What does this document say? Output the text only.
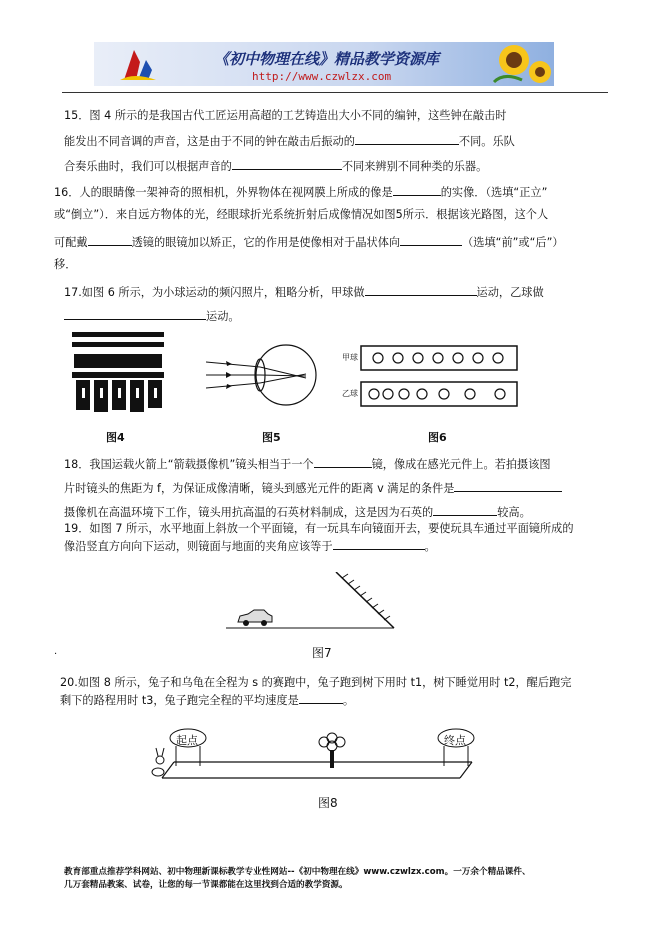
《初中物理在线》精品教学资源库
http://www.czwlzx.com
15．图 4 所示的是我国古代工匠运用高超的工艺铸造出大小不同的编钟，这些钟在敲击时
能发出不同音调的声音，这是由于不同的钟在敲击后振动的	不同。乐队
合奏乐曲时，我们可以根据声音的	不同来辨别不同种类的乐器。
16．人的眼睛像一架神奇的照相机，外界物体在视网膜上所成的像是	的实像．（选填“正立”
或“倒立”）．来自远方物体的光，经眼球折光系统折射后成像情况如图5所示．根据该光路图，这个人
可配戴	透镜的眼镜加以矫正，它的作用是使像相对于晶状体向	（选填“前”或“后”）
移．
17.如图 6 所示，为小球运动的频闪照片，粗略分析，甲球做	运动，乙球做
运动。
图4	图5
甲球
乙球
图6
18．我国运载火箭上“箭载摄像机”镜头相当于一个	镜，像成在感光元件上。若拍摄该图
片时镜头的焦距为 f，为保证成像清晰，镜头到感光元件的距离 v 满足的条件是
摄像机在高温环境下工作，镜头用抗高温的石英材料制成，这是因为石英的	较高。
19．如图 7 所示，水平地面上斜放一个平面镜，有一玩具车向镜面开去，要使玩具车通过平面镜所成的
像沿竖直方向向下运动，则镜面与地面的夹角应该等于	。
.	图7
20.如图 8 所示，兔子和乌龟在全程为 s 的赛跑中，兔子跑到树下用时 t1，树下睡觉用时 t2，醒后跑完
剩下的路程用时 t3，兔子跑完全程的平均速度是	。
起点	终点
图8
教育部重点推荐学科网站、初中物理新课标教学专业性网站--《初中物理在线》www.czwlzx.com。一万余个精品课件、
几万套精品教案、试卷，让您的每一节课都能在这里找到合适的教学资源。
